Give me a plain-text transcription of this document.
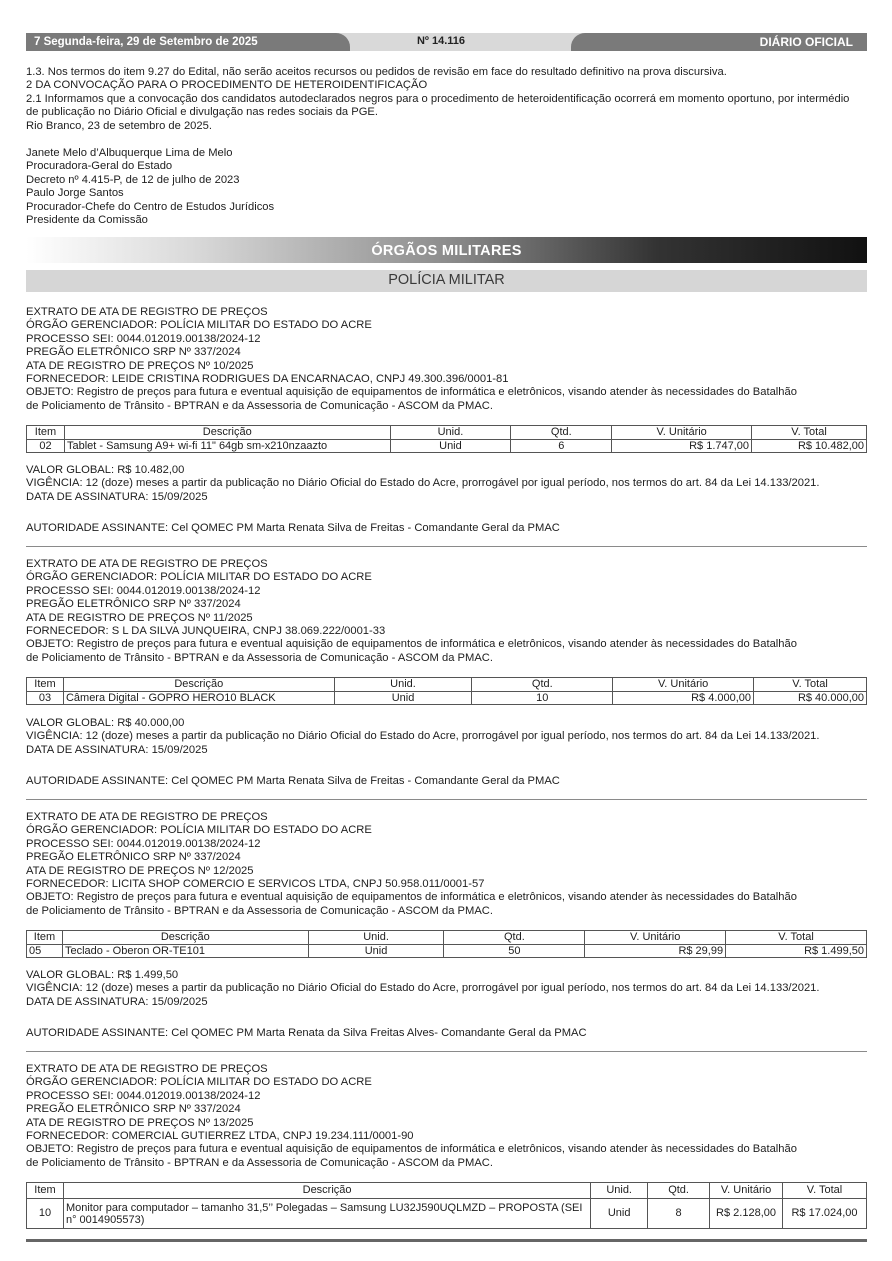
7 Segunda-feira, 29 de Setembro de 2025	Nº 14.116	DIÁRIO OFICIAL
1.3. Nos termos do item 9.27 do Edital, não serão aceitos recursos ou pedidos de revisão em face do resultado definitivo na prova discursiva.
2 DA CONVOCAÇÃO PARA O PROCEDIMENTO DE HETEROIDENTIFICAÇÃO
2.1 Informamos que a convocação dos candidatos autodeclarados negros para o procedimento de heteroidentificação ocorrerá em momento oportuno, por intermédio
de publicação no Diário Oficial e divulgação nas redes sociais da PGE.
Rio Branco, 23 de setembro de 2025.
Janete Melo d’Albuquerque Lima de Melo
Procuradora-Geral do Estado
Decreto nº 4.415-P, de 12 de julho de 2023
Paulo Jorge Santos
Procurador-Chefe do Centro de Estudos Jurídicos
Presidente da Comissão
ÓRGÃOS MILITARES
POLÍCIA MILITAR
EXTRATO DE ATA DE REGISTRO DE PREÇOS
ÓRGÃO GERENCIADOR: POLÍCIA MILITAR DO ESTADO DO ACRE
PROCESSO SEI: 0044.012019.00138/2024-12
PREGÃO ELETRÔNICO SRP Nº 337/2024
ATA DE REGISTRO DE PREÇOS Nº 10/2025
FORNECEDOR: LEIDE CRISTINA RODRIGUES DA ENCARNACAO, CNPJ 49.300.396/0001-81
OBJETO: Registro de preços para futura e eventual aquisição de equipamentos de informática e eletrônicos, visando atender às necessidades do Batalhão
de Policiamento de Trânsito - BPTRAN e da Assessoria de Comunicação - ASCOM da PMAC.
Item	Descrição	Unid.	Qtd.	V. Unitário	V. Total
02	Tablet - Samsung A9+ wi-fi 11" 64gb sm-x210nzaazto	Unid	6	R$ 1.747,00	R$ 10.482,00
VALOR GLOBAL: R$ 10.482,00
VIGÊNCIA: 12 (doze) meses a partir da publicação no Diário Oficial do Estado do Acre, prorrogável por igual período, nos termos do art. 84 da Lei 14.133/2021.
DATA DE ASSINATURA: 15/09/2025
AUTORIDADE ASSINANTE: Cel QOMEC PM Marta Renata Silva de Freitas - Comandante Geral da PMAC
EXTRATO DE ATA DE REGISTRO DE PREÇOS
ÓRGÃO GERENCIADOR: POLÍCIA MILITAR DO ESTADO DO ACRE
PROCESSO SEI: 0044.012019.00138/2024-12
PREGÃO ELETRÔNICO SRP Nº 337/2024
ATA DE REGISTRO DE PREÇOS Nº 11/2025
FORNECEDOR: S L DA SILVA JUNQUEIRA, CNPJ 38.069.222/0001-33
OBJETO: Registro de preços para futura e eventual aquisição de equipamentos de informática e eletrônicos, visando atender às necessidades do Batalhão
de Policiamento de Trânsito - BPTRAN e da Assessoria de Comunicação - ASCOM da PMAC.
Item	Descrição	Unid.	Qtd.	V. Unitário	V. Total
03	Câmera Digital - GOPRO HERO10 BLACK	Unid	10	R$ 4.000,00	R$ 40.000,00
VALOR GLOBAL: R$ 40.000,00
VIGÊNCIA: 12 (doze) meses a partir da publicação no Diário Oficial do Estado do Acre, prorrogável por igual período, nos termos do art. 84 da Lei 14.133/2021.
DATA DE ASSINATURA: 15/09/2025
AUTORIDADE ASSINANTE: Cel QOMEC PM Marta Renata Silva de Freitas - Comandante Geral da PMAC
EXTRATO DE ATA DE REGISTRO DE PREÇOS
ÓRGÃO GERENCIADOR: POLÍCIA MILITAR DO ESTADO DO ACRE
PROCESSO SEI: 0044.012019.00138/2024-12
PREGÃO ELETRÔNICO SRP Nº 337/2024
ATA DE REGISTRO DE PREÇOS Nº 12/2025
FORNECEDOR: LICITA SHOP COMERCIO E SERVICOS LTDA, CNPJ 50.958.011/0001-57
OBJETO: Registro de preços para futura e eventual aquisição de equipamentos de informática e eletrônicos, visando atender às necessidades do Batalhão
de Policiamento de Trânsito - BPTRAN e da Assessoria de Comunicação - ASCOM da PMAC.
Item	Descrição	Unid.	Qtd.	V. Unitário	V. Total
05	Teclado - Oberon OR-TE101	Unid	50	R$ 29,99	R$ 1.499,50
VALOR GLOBAL: R$ 1.499,50
VIGÊNCIA: 12 (doze) meses a partir da publicação no Diário Oficial do Estado do Acre, prorrogável por igual período, nos termos do art. 84 da Lei 14.133/2021.
DATA DE ASSINATURA: 15/09/2025
AUTORIDADE ASSINANTE: Cel QOMEC PM Marta Renata da Silva Freitas Alves- Comandante Geral da PMAC
EXTRATO DE ATA DE REGISTRO DE PREÇOS
ÓRGÃO GERENCIADOR: POLÍCIA MILITAR DO ESTADO DO ACRE
PROCESSO SEI: 0044.012019.00138/2024-12
PREGÃO ELETRÔNICO SRP Nº 337/2024
ATA DE REGISTRO DE PREÇOS Nº 13/2025
FORNECEDOR: COMERCIAL GUTIERREZ LTDA, CNPJ 19.234.111/0001-90
OBJETO: Registro de preços para futura e eventual aquisição de equipamentos de informática e eletrônicos, visando atender às necessidades do Batalhão
de Policiamento de Trânsito - BPTRAN e da Assessoria de Comunicação - ASCOM da PMAC.
Item	Descrição	Unid.	Qtd.	V. Unitário	V. Total
10	Monitor para computador – tamanho 31,5’’ Polegadas – Samsung LU32J590UQLMZD – PROPOSTA (SEI n° 0014905573)	Unid	8	R$ 2.128,00	R$ 17.024,00
